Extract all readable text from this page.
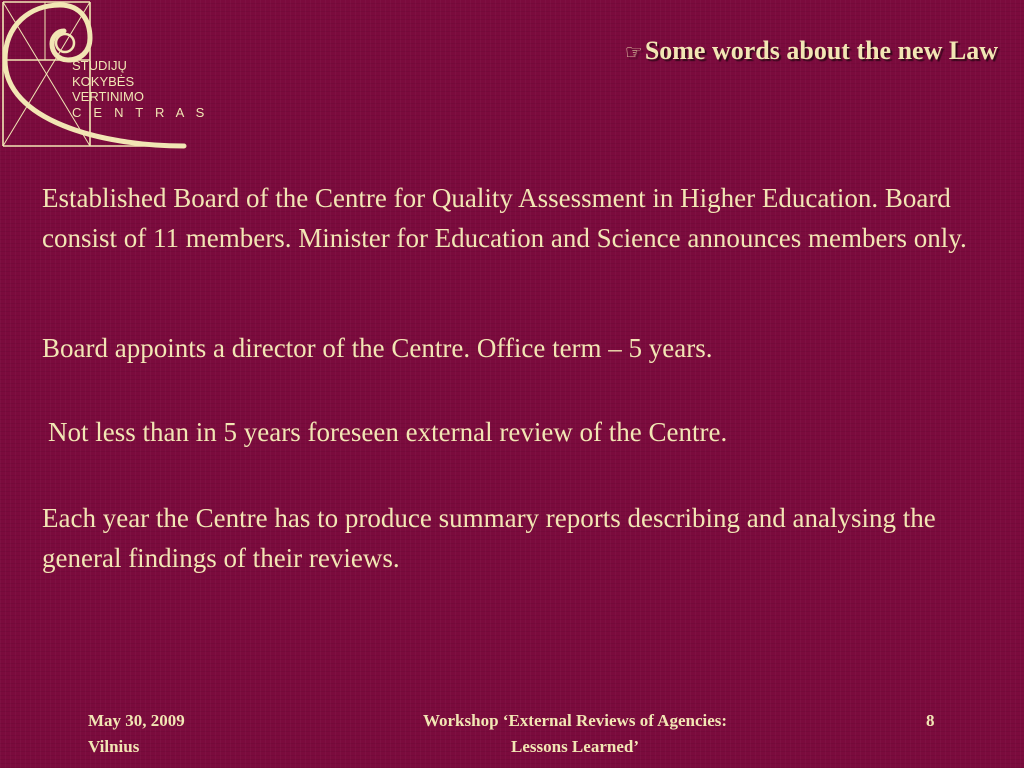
STUDIJŲ
KOKYBĖS
VERTINIMO
C E N T R A S
☞Some words about the new Law
Established Board of the Centre for Quality Assessment in Higher Education. Board consist of 11 members. Minister for Education and Science announces members only.
Board appoints a director of the Centre. Office term – 5 years.
Not less than in 5 years foreseen external review of the Centre.
Each year the Centre has to produce summary reports describing and analysing the general findings of their reviews.
May 30, 2009
Vilnius
Workshop ‘External Reviews of Agencies:
Lessons Learned’
8
